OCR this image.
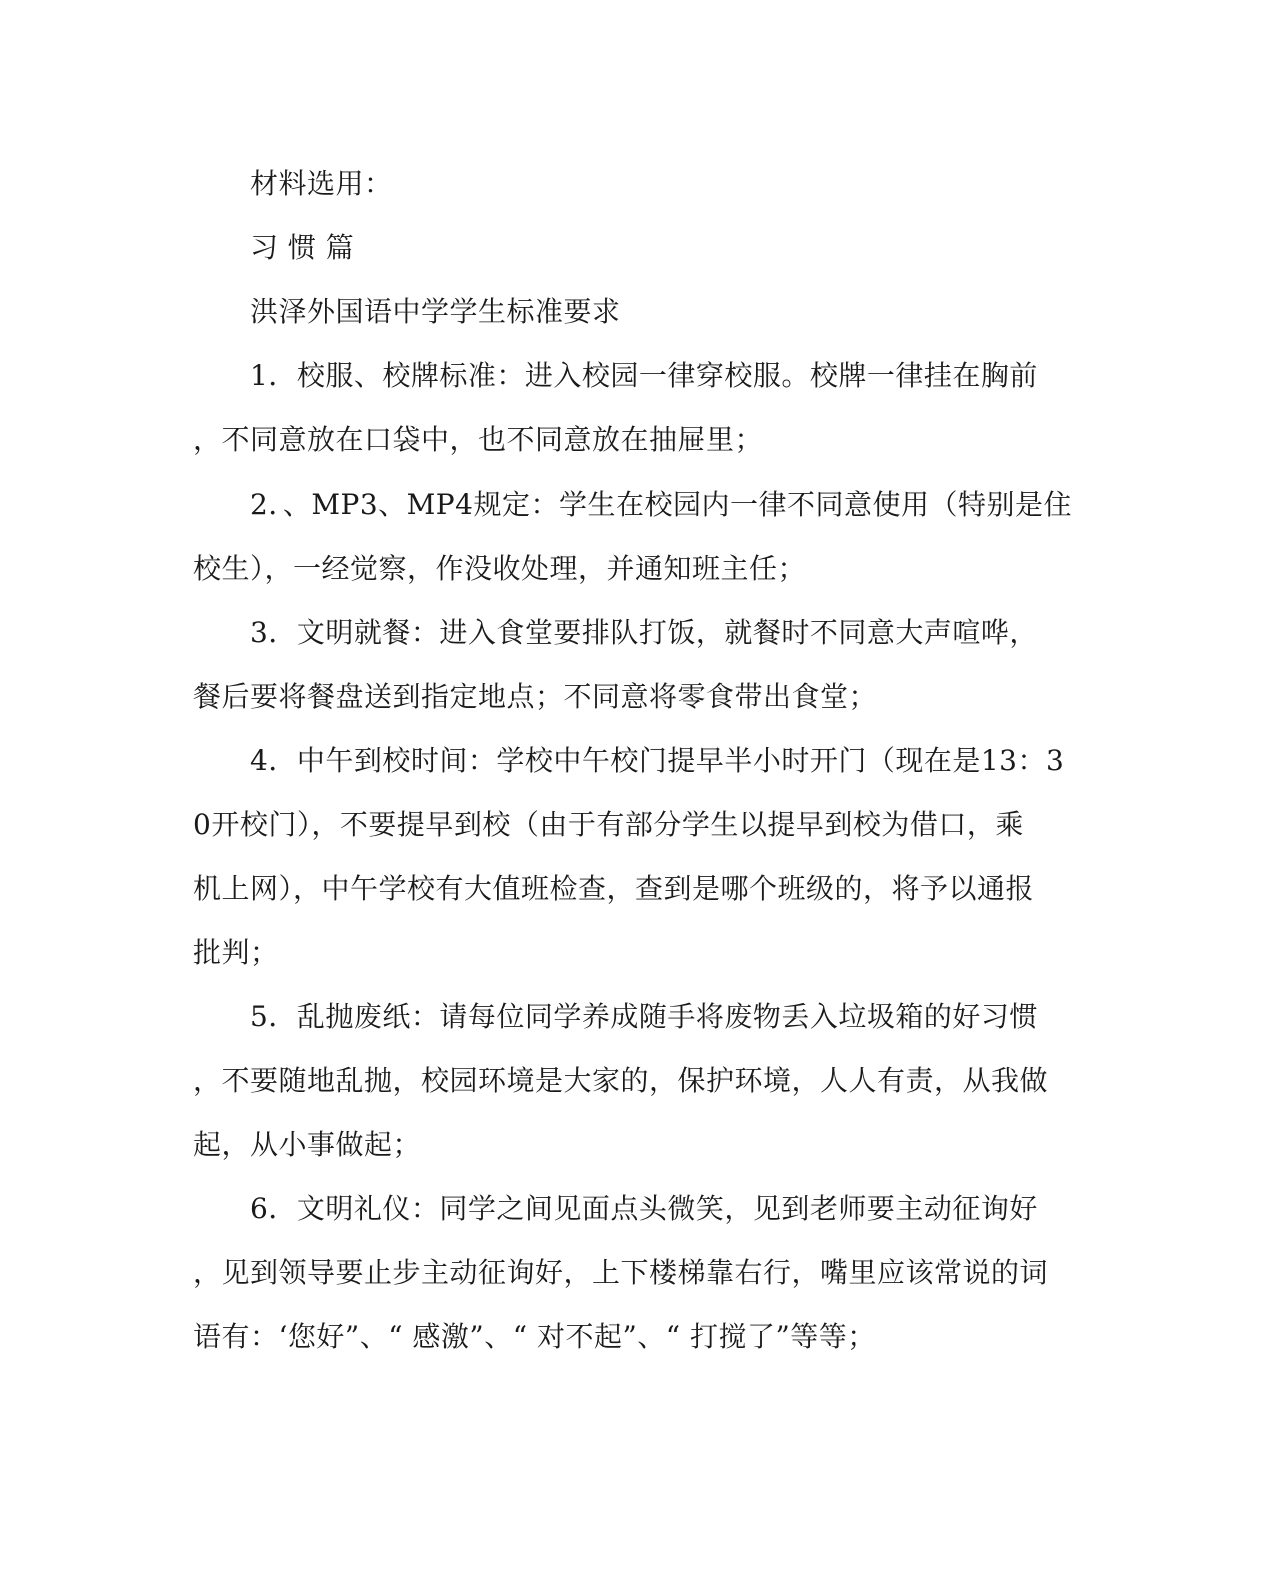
材料选用：
习 惯 篇
洪泽外国语中学学生标准要求
1．校服、校牌标准：进入校园一律穿校服。校牌一律挂在胸前
，不同意放在口袋中，也不同意放在抽屉里；
2．、MP3、MP4规定：学生在校园内一律不同意使用（特别是住
校生），一经觉察，作没收处理，并通知班主任；
3．文明就餐：进入食堂要排队打饭，就餐时不同意大声喧哗，
餐后要将餐盘送到指定地点；不同意将零食带出食堂；
4．中午到校时间：学校中午校门提早半小时开门（现在是13：3
0开校门），不要提早到校（由于有部分学生以提早到校为借口，乘
机上网），中午学校有大值班检查，查到是哪个班级的，将予以通报
批判；
5．乱抛废纸：请每位同学养成随手将废物丢入垃圾箱的好习惯
，不要随地乱抛，校园环境是大家的，保护环境，人人有责，从我做
起，从小事做起；
6．文明礼仪：同学之间见面点头微笑，见到老师要主动征询好
，见到领导要止步主动征询好，上下楼梯靠右行，嘴里应该常说的词
语有：‘您好”、“ 感激”、“ 对不起”、“ 打搅了”等等；
